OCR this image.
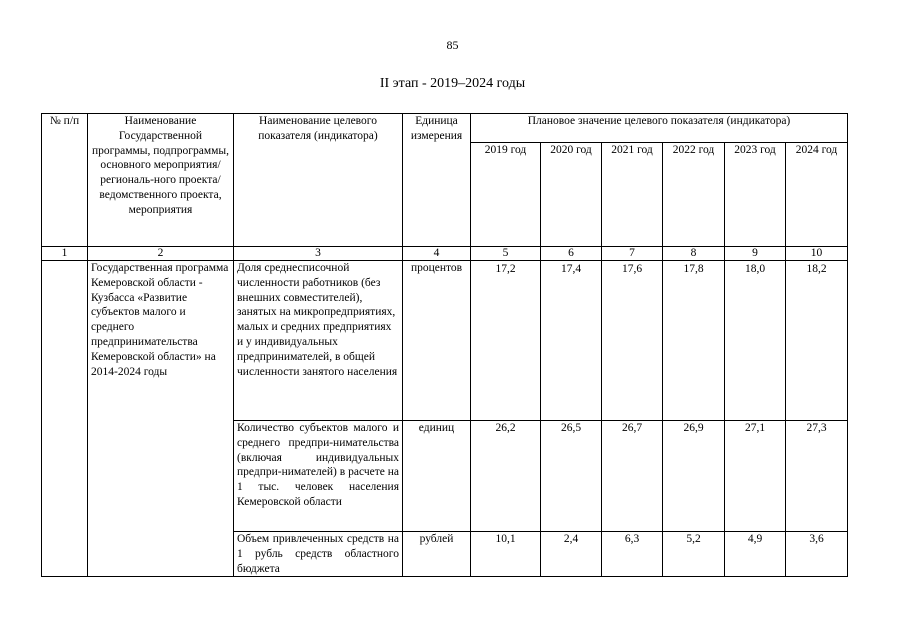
85
II этап - 2019–2024 годы
№ п/п	Наименование Государственной программы, подпрограммы, основного мероприятия/региональ-ного проекта/ ведомственного проекта, мероприятия	Наименование целевого показателя (индикатора)	Единица измерения	Плановое значение целевого показателя (индикатора)					
				2019 год	2020 год	2021 год	2022 год	2023 год	2024 год
1	2	3	4	5	6	7	8	9	10
	Государственная программа Кемеровской области - Кузбасса «Развитие субъектов малого и среднего предпринимательства Кемеровской области» на 2014-2024 годы	Доля среднесписочной численности работников (без внешних совместителей), занятых на микропредприятиях, малых и средних предприятиях и у индивидуальных предпринимателей, в общей численности занятого населения	процентов	17,2	17,4	17,6	17,8	18,0	18,2
		Количество субъектов малого и среднего предпри-нимательства (включая индивидуальных предпри-нимателей) в расчете на 1 тыс. человек населения Кемеровской области	единиц	26,2	26,5	26,7	26,9	27,1	27,3
		Объем привлеченных средств на 1 рубль средств областного бюджета	рублей	10,1	2,4	6,3	5,2	4,9	3,6
